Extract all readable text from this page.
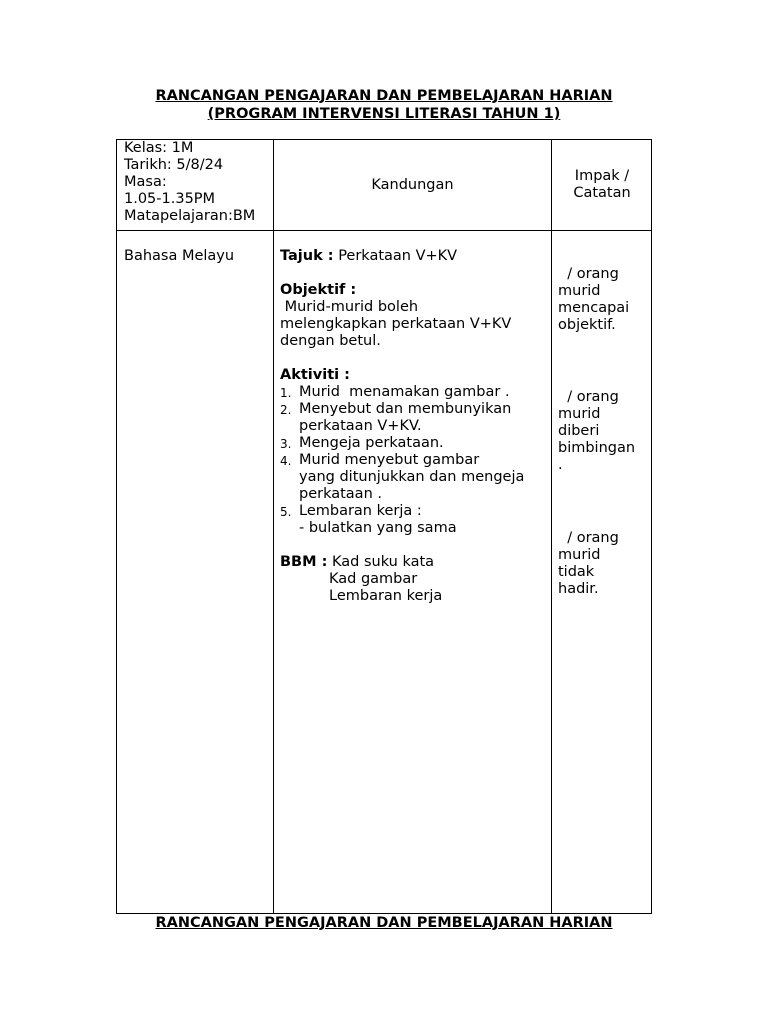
RANCANGAN PENGAJARAN DAN PEMBELAJARAN HARIAN
(PROGRAM INTERVENSI LITERASI TAHUN 1)
Kelas: 1M
Tarikh: 5/8/24
Masa:
1.05-1.35PM
Matapelajaran:BM
Kandungan
Impak /
Catatan
Bahasa Melayu	Tajuk : Perkataan V+KV
Objektif :
Murid-murid boleh
melengkapkan perkataan V+KV
dengan betul.
Aktiviti :
1. Murid  menamakan gambar .
2. Menyebut dan membunyikan
perkataan V+KV.
3. Mengeja perkataan.
4. Murid menyebut gambar
yang ditunjukkan dan mengeja
perkataan .
5. Lembaran kerja :
- bulatkan yang sama
BBM : Kad suku kata
Kad gambar
Lembaran kerja
/ orang
murid
mencapai
objektif.
/ orang
murid
diberi
bimbingan
.
/ orang
murid
tidak
hadir.
RANCANGAN PENGAJARAN DAN PEMBELAJARAN HARIAN
